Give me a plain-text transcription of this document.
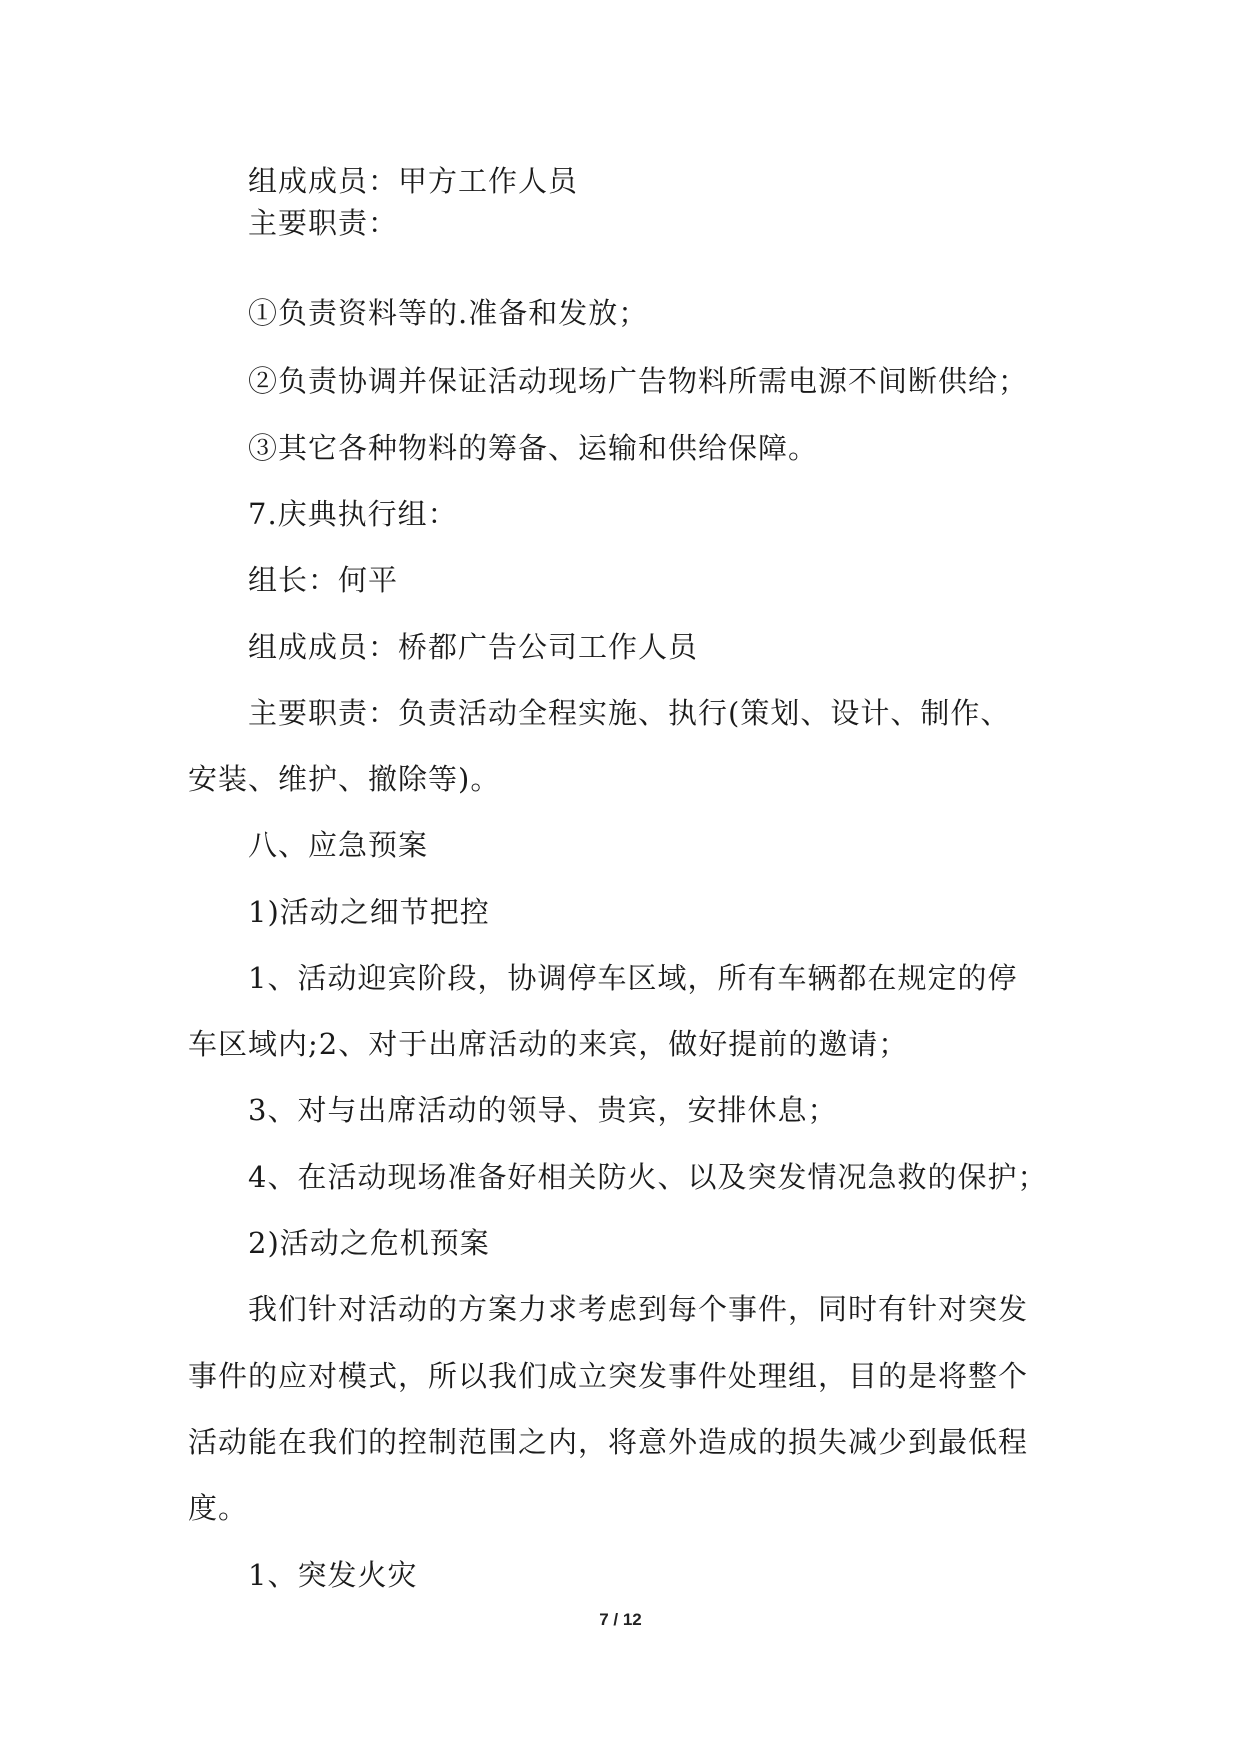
组成成员：甲方工作人员
主要职责：
①负责资料等的.准备和发放；
②负责协调并保证活动现场广告物料所需电源不间断供给；
③其它各种物料的筹备、运输和供给保障。
7.庆典执行组：
组长：何平
组成成员：桥都广告公司工作人员
主要职责：负责活动全程实施、执行(策划、设计、制作、
安装、维护、撤除等)。
八、应急预案
1)活动之细节把控
1、活动迎宾阶段，协调停车区域，所有车辆都在规定的停
车区域内;2、对于出席活动的来宾，做好提前的邀请；
3、对与出席活动的领导、贵宾，安排休息；
4、在活动现场准备好相关防火、以及突发情况急救的保护；
2)活动之危机预案
我们针对活动的方案力求考虑到每个事件，同时有针对突发
事件的应对模式，所以我们成立突发事件处理组，目的是将整个
活动能在我们的控制范围之内，将意外造成的损失减少到最低程
度。
1、突发火灾
7 / 12
